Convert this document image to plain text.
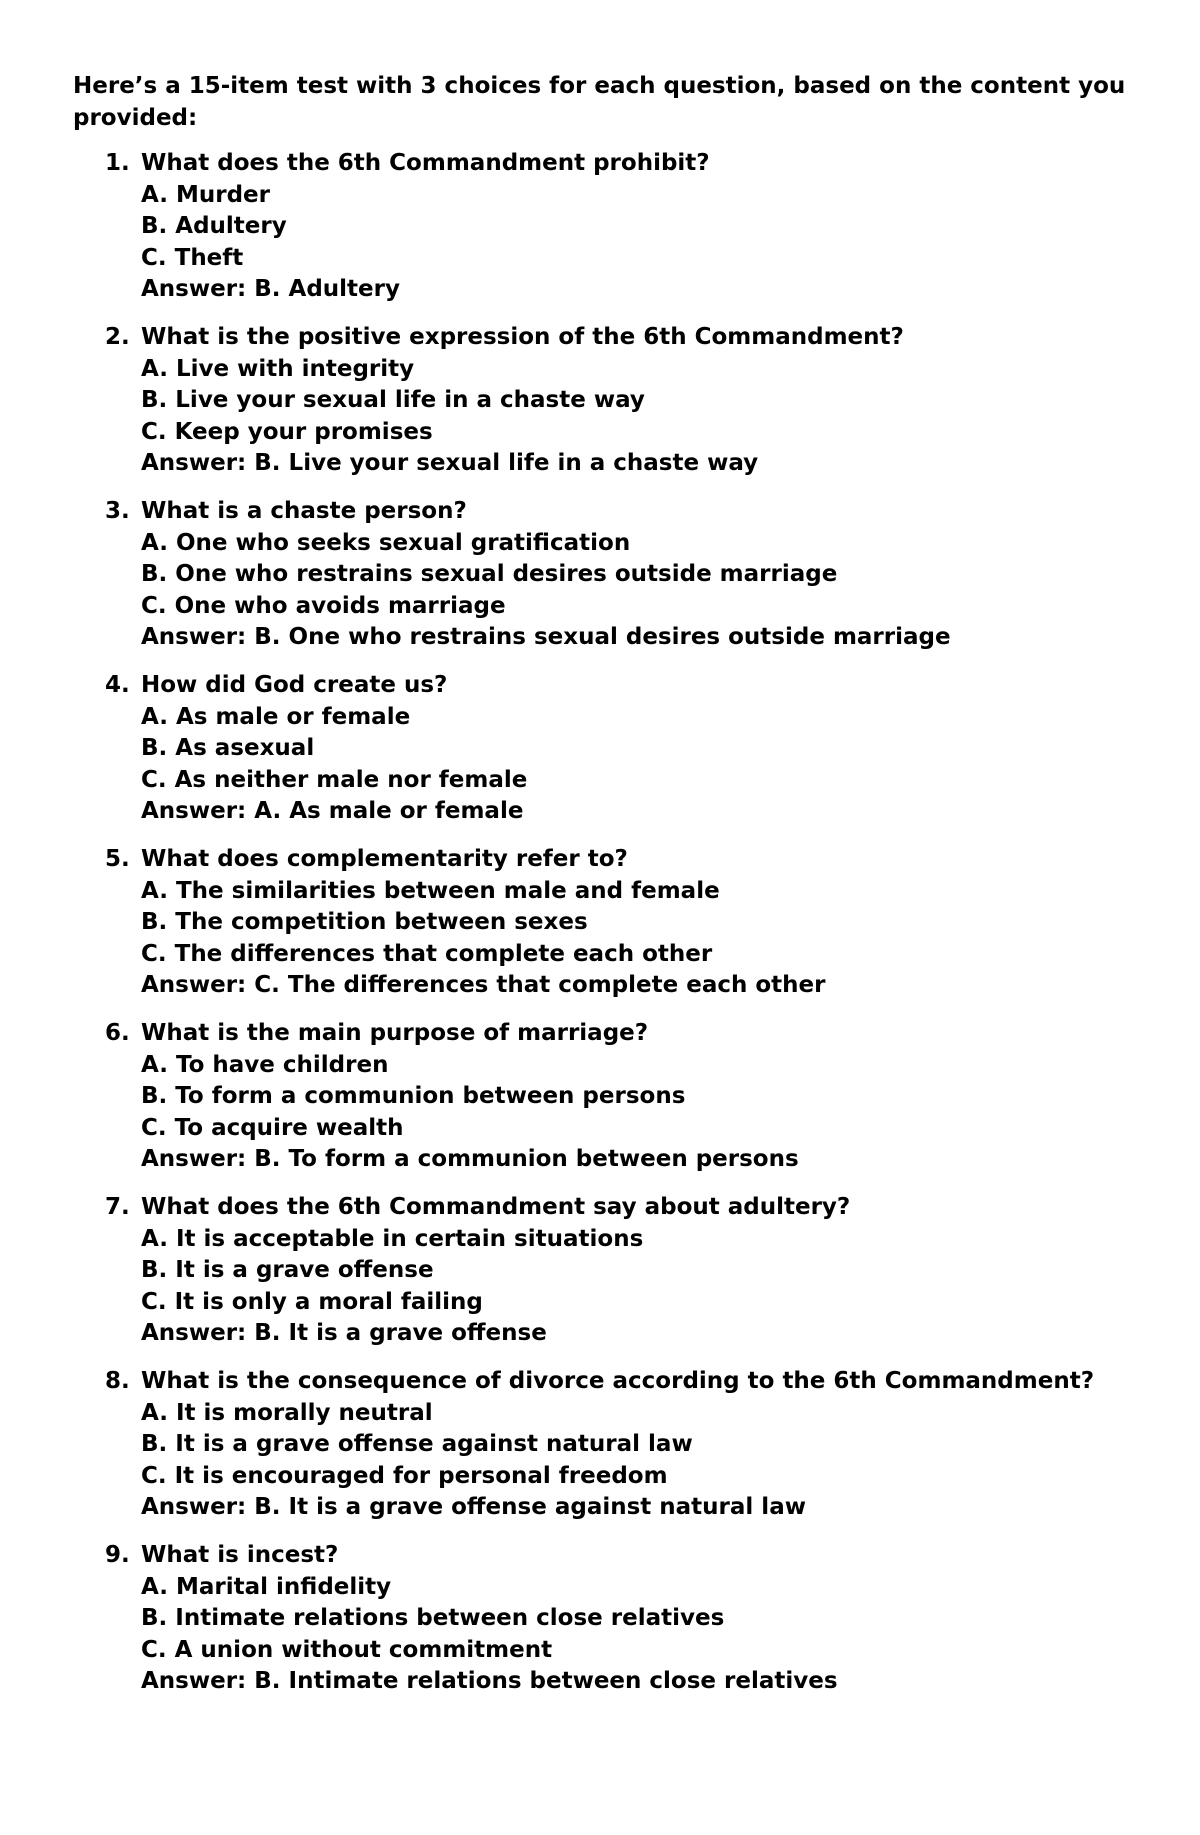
Here’s a 15-item test with 3 choices for each question, based on the content you provided:

1. What does the 6th Commandment prohibit?
A. Murder
B. Adultery
C. Theft
Answer: B. Adultery
2. What is the positive expression of the 6th Commandment?
A. Live with integrity
B. Live your sexual life in a chaste way
C. Keep your promises
Answer: B. Live your sexual life in a chaste way
3. What is a chaste person?
A. One who seeks sexual gratification
B. One who restrains sexual desires outside marriage
C. One who avoids marriage
Answer: B. One who restrains sexual desires outside marriage
4. How did God create us?
A. As male or female
B. As asexual
C. As neither male nor female
Answer: A. As male or female
5. What does complementarity refer to?
A. The similarities between male and female
B. The competition between sexes
C. The differences that complete each other
Answer: C. The differences that complete each other
6. What is the main purpose of marriage?
A. To have children
B. To form a communion between persons
C. To acquire wealth
Answer: B. To form a communion between persons
7. What does the 6th Commandment say about adultery?
A. It is acceptable in certain situations
B. It is a grave offense
C. It is only a moral failing
Answer: B. It is a grave offense
8. What is the consequence of divorce according to the 6th Commandment?
A. It is morally neutral
B. It is a grave offense against natural law
C. It is encouraged for personal freedom
Answer: B. It is a grave offense against natural law
9. What is incest?
A. Marital infidelity
B. Intimate relations between close relatives
C. A union without commitment
Answer: B. Intimate relations between close relatives
